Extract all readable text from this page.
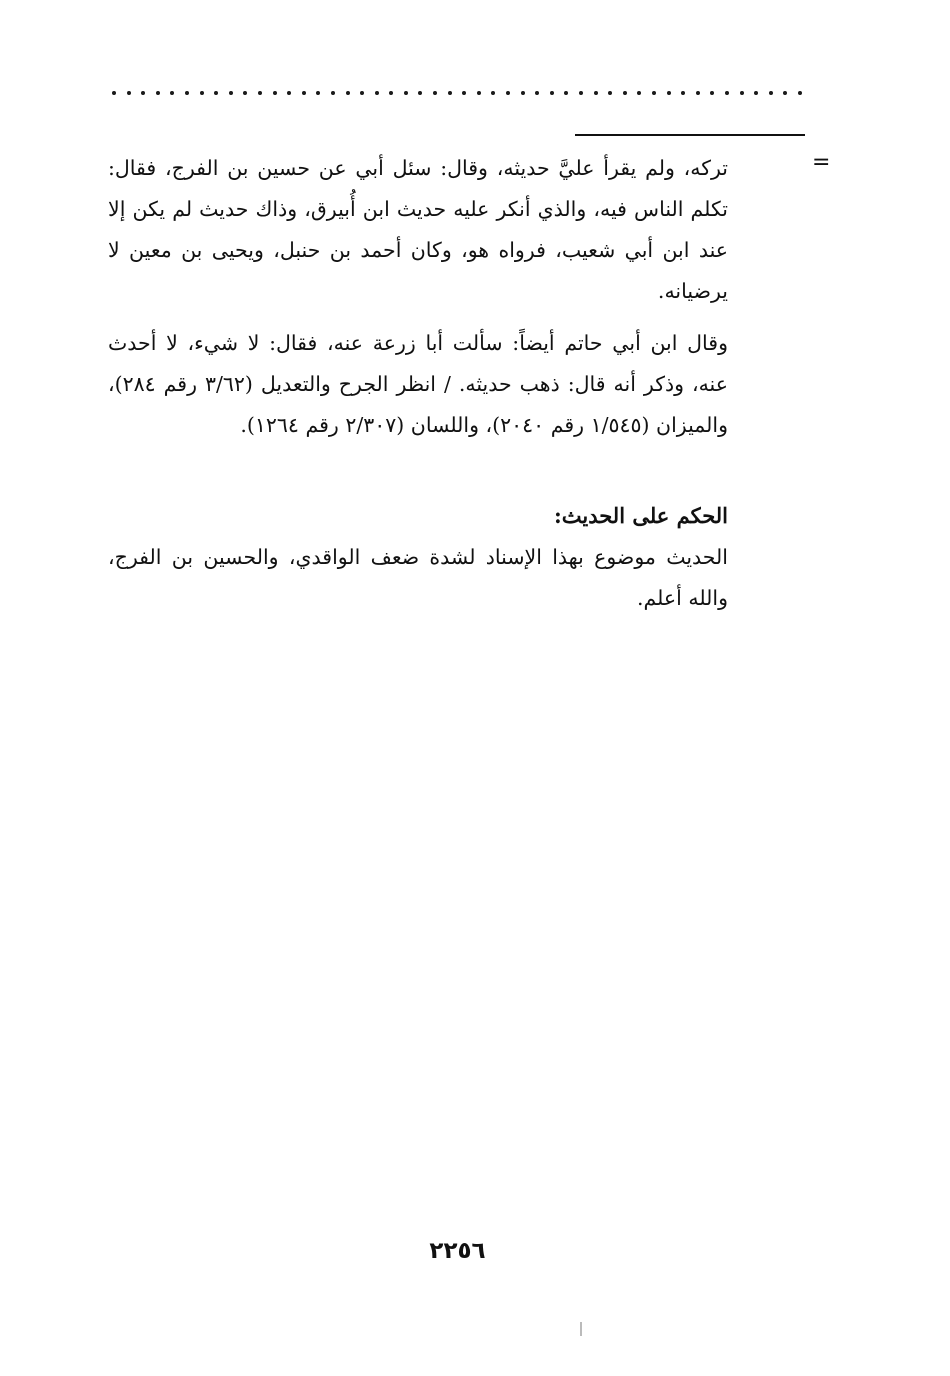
=
تركه، ولم يقرأ عليَّ حديثه، وقال: سئل أبي عن حسين بن الفرج، فقال: تكلم الناس فيه، والذي أنكر عليه حديث ابن أُبيرق، وذاك حديث لم يكن إلا عند ابن أبي شعيب، فرواه هو، وكان أحمد بن حنبل، ويحيى بن معين لا يرضيانه.
وقال ابن أبي حاتم أيضاً: سألت أبا زرعة عنه، فقال: لا شيء، لا أحدث عنه، وذكر أنه قال: ذهب حديثه. / انظر الجرح والتعديل (٣/٦٢ رقم ٢٨٤)، والميزان (١/٥٤٥ رقم ٢٠٤٠)، واللسان (٢/٣٠٧ رقم ١٢٦٤).
الحكم على الحديث:
الحديث موضوع بهذا الإسناد لشدة ضعف الواقدي، والحسين بن الفرج، والله أعلم.
٢٢٥٦
